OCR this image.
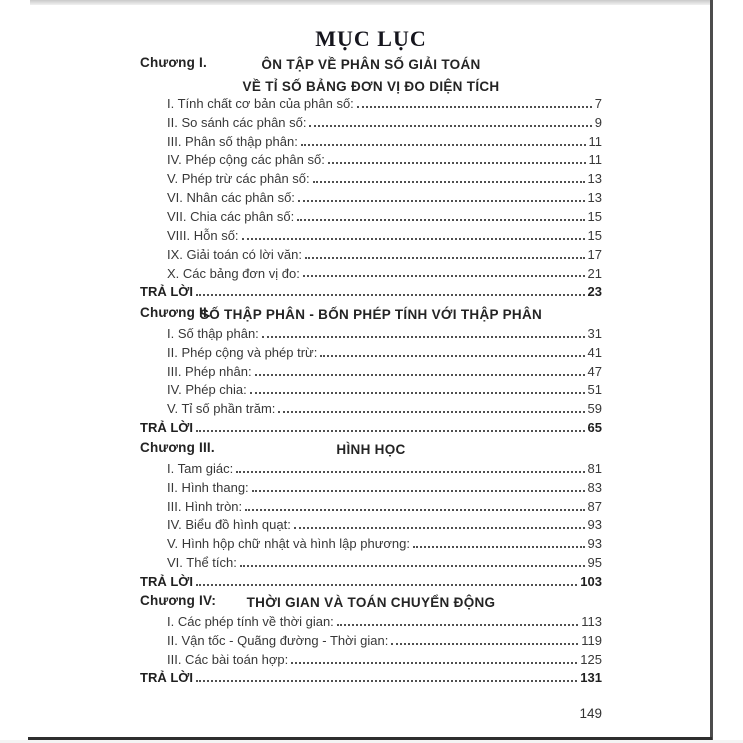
MỤC LỤC
Chương I.	ÔN TẬP VỀ PHÂN SỐ GIẢI TOÁN
VỀ TỈ SỐ BẢNG ĐƠN VỊ ĐO DIỆN TÍCH
I. Tính chất cơ bản của phân số:	7
II. So sánh các phân số:	9
III. Phân số thập phân:	11
IV. Phép cộng các phân số:	11
V. Phép trừ các phân số:	13
VI. Nhân các phân số:	13
VII. Chia các phân số:	15
VIII. Hỗn số:	15
IX. Giải toán có lời văn:	17
X. Các bảng đơn vị đo:	21
TRẢ LỜI	23
Chương II.
SỐ THẬP PHÂN - BỐN PHÉP TÍNH VỚI THẬP PHÂN
I. Số thập phân:	31
II. Phép cộng và phép trừ:	41
III. Phép nhân:	47
IV. Phép chia:	51
V. Tỉ số phần trăm:	59
TRẢ LỜI	65
Chương III.	HÌNH HỌC
I. Tam giác:	81
II. Hình thang:	83
III. Hình tròn:	87
IV. Biểu đồ hình quạt:	93
V. Hình hộp chữ nhật và hình lập phương:	93
VI. Thể tích:	95
TRẢ LỜI	103
Chương IV:	THỜI GIAN VÀ TOÁN CHUYỂN ĐỘNG
I. Các phép tính về thời gian:	113
II. Vận tốc - Quãng đường - Thời gian:	119
III. Các bài toán hợp:	125
TRẢ LỜI	131
149
